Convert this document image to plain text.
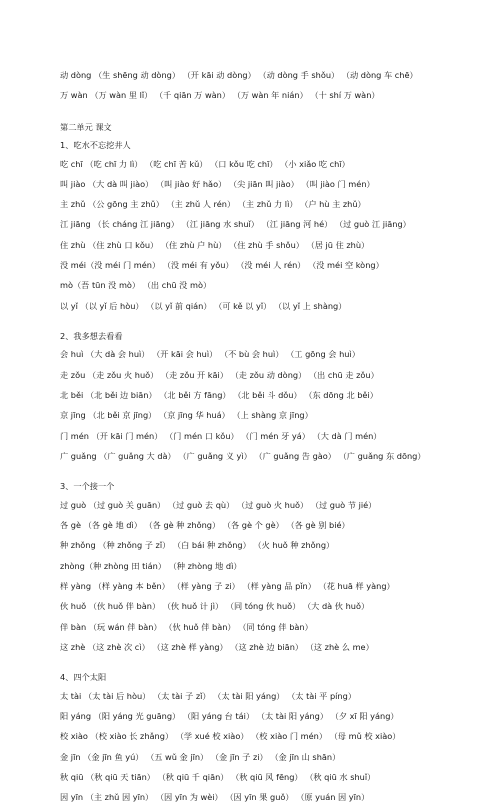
动 dòng （生 shēng 动 dòng） （开 kāi 动 dòng） （动 dòng 手 shǒu） （动 dòng 车 chē）
万 wàn （万 wàn 里 lǐ） （千 qiān 万 wàn） （万 wàn 年 nián） （十 shí 万 wàn）
第二单元 课文
1、吃水不忘挖井人
吃 chī （吃 chī 力 lì） （吃 chī 苦 kǔ） （口 kǒu 吃 chī） （小 xiǎo 吃 chī）
叫 jiào （大 dà 叫 jiào） （叫 jiào 好 hǎo） （尖 jiān 叫 jiào） （叫 jiào 门 mén）
主 zhǔ （公 gōng 主 zhǔ） （主 zhǔ 人 rén） （主 zhǔ 力 lì） （户 hù 主 zhǔ）
江 jiāng （长 cháng 江 jiāng） （江 jiāng 水 shuǐ） （江 jiāng 河 hé） （过 guò 江 jiāng）
住 zhù （住 zhù 口 kǒu） （住 zhù 户 hù） （住 zhù 手 shǒu） （居 jū 住 zhù）
没 méi（没 méi 门 mén） （没 méi 有 yǒu） （没 méi 人 rén） （没 méi 空 kòng）
mò（吾 tūn 没 mò） （出 chū 没 mò）
以 yǐ （以 yǐ 后 hòu） （以 yǐ 前 qián） （可 kě 以 yǐ） （以 yǐ 上 shàng）
2、我多想去看看
会 huì （大 dà 会 huì） （开 kāi 会 huì） （不 bù 会 huì） （工 gōng 会 huì）
走 zǒu （走 zǒu 火 huǒ） （走 zǒu 开 kāi） （走 zǒu 动 dòng） （出 chū 走 zǒu）
北 běi （北 běi 边 biān） （北 běi 方 fāng） （北 běi 斗 dǒu） （东 dōng 北 běi）
京 jīng （北 běi 京 jīng） （京 jīng 华 huá） （上 shàng 京 jīng）
门 mén （开 kāi 门 mén） （门 mén 口 kǒu） （门 mén 牙 yá） （大 dà 门 mén）
广 guǎng （广 guǎng 大 dà） （广 guǎng 义 yì） （广 guǎng 告 gào） （广 guǎng 东 dōng）
3、一个接一个
过 guò （过 guò 关 guān） （过 guò 去 qù） （过 guò 火 huǒ） （过 guò 节 jié）
各 gè （各 gè 地 dì） （各 gè 种 zhǒng） （各 gè 个 gè） （各 gè 别 bié）
种 zhǒng （种 zhǒng 子 zǐ） （白 bái 种 zhǒng） （火 huǒ 种 zhǒng）
zhòng（种 zhòng 田 tián） （种 zhòng 地 dì）
样 yàng （样 yàng 本 běn） （样 yàng 子 zi） （样 yàng 品 pǐn） （花 huā 样 yàng）
伙 huǒ （伙 huǒ 伴 bàn） （伙 huǒ 计 jì） （同 tóng 伙 huǒ） （大 dà 伙 huǒ）
伴 bàn （玩 wán 伴 bàn） （伙 huǒ 伴 bàn） （同 tóng 伴 bàn）
这 zhè （这 zhè 次 cì） （这 zhè 样 yàng） （这 zhè 边 biān） （这 zhè 么 me）
4、四个太阳
太 tài （太 tài 后 hòu） （太 tài 子 zǐ） （太 tài 阳 yáng） （太 tài 平 píng）
阳 yáng （阳 yáng 光 guāng） （阳 yáng 台 tái） （太 tài 阳 yáng） （夕 xī 阳 yáng）
校 xiào （校 xiào 长 zhǎng） （学 xué 校 xiào） （校 xiào 门 mén） （母 mǔ 校 xiào）
金 jīn （金 jīn 鱼 yú） （五 wǔ 金 jīn） （金 jīn 子 zi） （金 jīn 山 shān）
秋 qiū （秋 qiū 天 tiān） （秋 qiū 千 qiān） （秋 qiū 风 fēng） （秋 qiū 水 shuǐ）
因 yīn （主 zhǔ 因 yīn） （因 yīn 为 wèi） （因 yīn 果 guǒ） （原 yuán 因 yīn）
